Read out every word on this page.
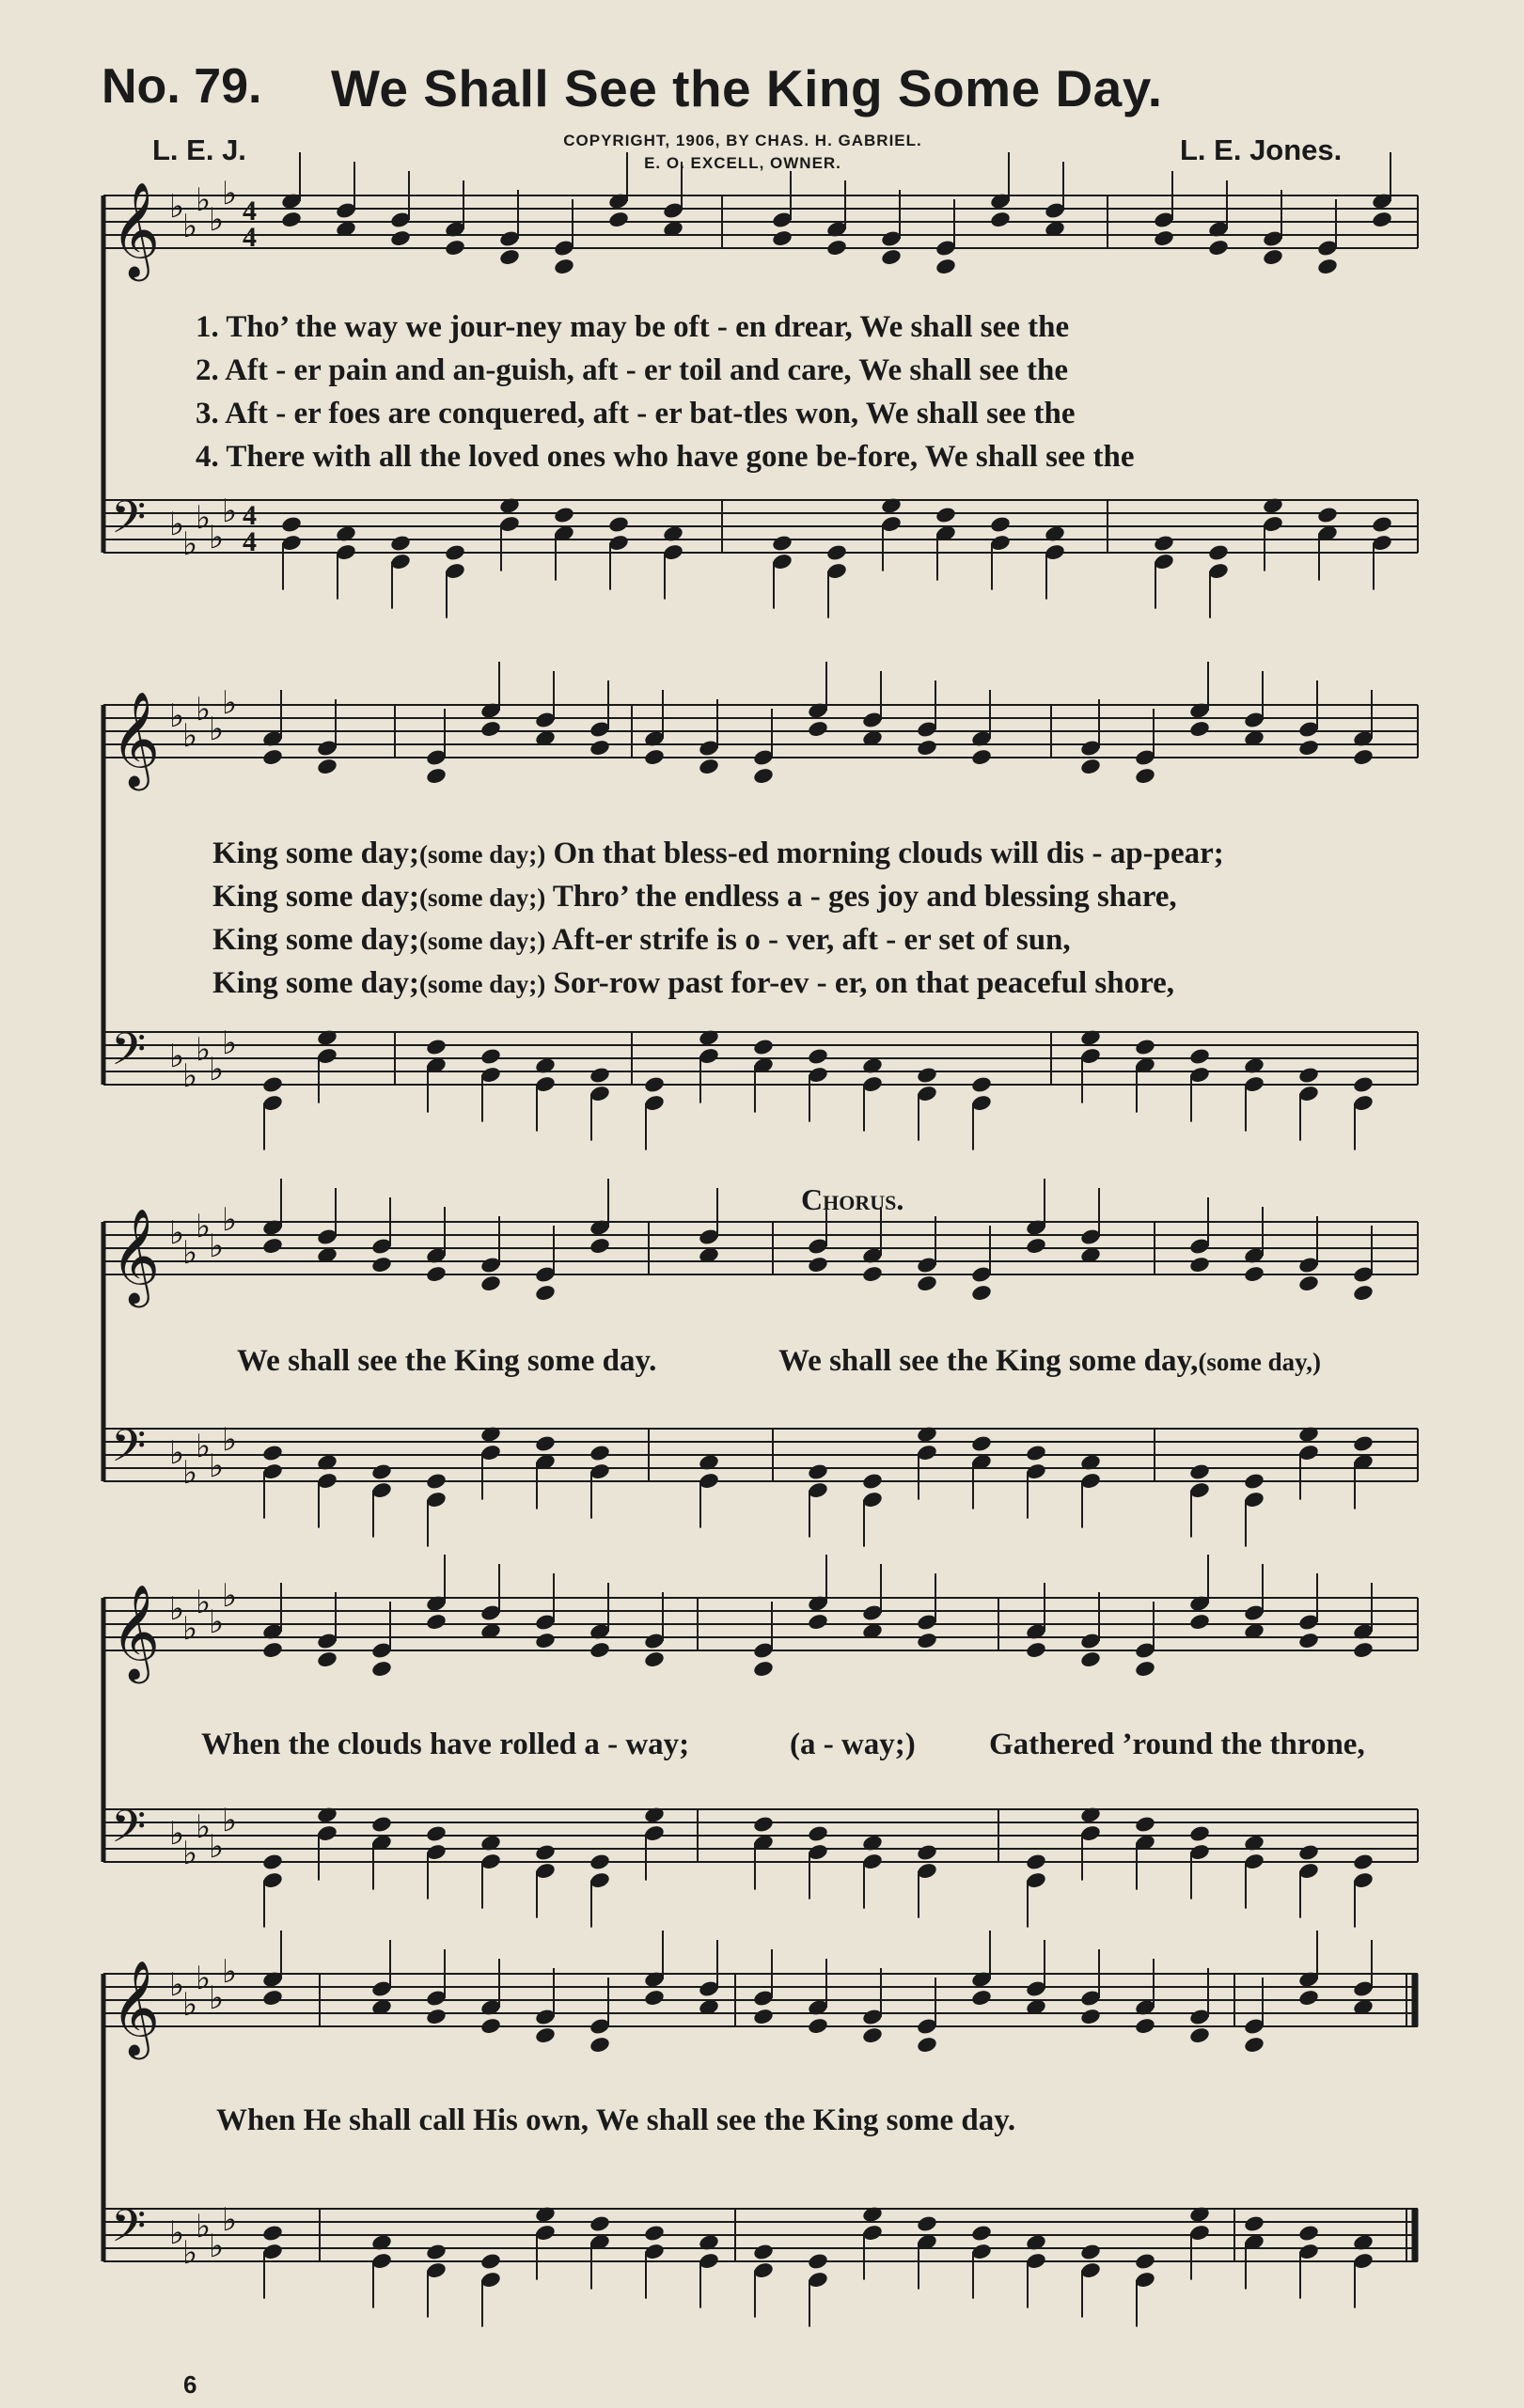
No. 79. We Shall See the King Some Day.
L. E. J.	L. E. Jones.
COPYRIGHT, 1906, BY CHAS. H. GABRIEL.
E. O. EXCELL, OWNER.
𝄞 ♭
♭
♭
♭
♭ 4
4
𝄢 ♭
♭
♭
♭
♭ 4
4
𝄞 ♭
♭
♭
♭
♭
𝄢 ♭
♭
♭
♭
♭
𝄞 ♭
♭
♭
♭
♭
𝄢 ♭
♭
♭
♭
♭
𝄞 ♭
♭
♭
♭
♭
𝄢 ♭
♭
♭
♭
♭
𝄞 ♭
♭
♭
♭
♭
𝄢 ♭
♭
♭
♭
♭
1. Tho’ the way we jour-ney may be oft - en drear, We shall see the
2. Aft - er pain and an-guish, aft - er toil and care, We shall see the
3. Aft - er foes are conquered, aft - er bat-tles won, We shall see the
4. There with all the loved ones who have gone be-fore, We shall see the
King some day;(some day;) On that bless-ed morning clouds will dis - ap-pear;
King some day;(some day;) Thro’ the endless a - ges joy and blessing share,
King some day;(some day;) Aft-er strife is o - ver, aft - er set of sun,
King some day;(some day;) Sor-row past for-ev - er, on that peaceful shore,
Chorus.
We shall see the King some day.	We shall see the King some day,(some day,)
When the clouds have rolled a - way;	(a - way;) Gathered ’round the throne,
When He shall call His own, We shall see the King some day.
6
